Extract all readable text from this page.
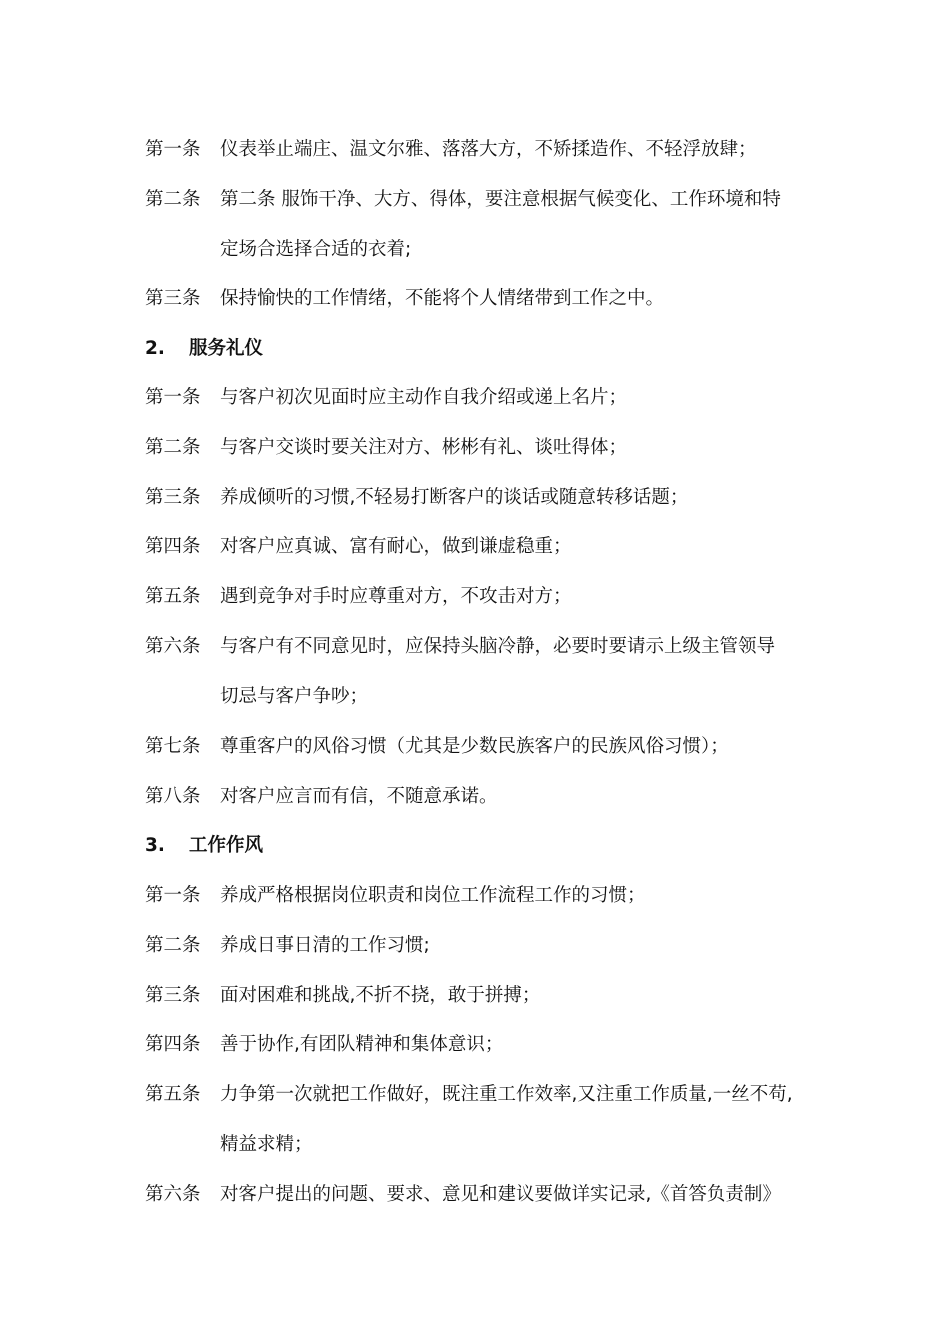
第一条 仪表举止端庄、温文尔雅、落落大方，不矫揉造作、不轻浮放肆；
第二条 第二条 服饰干净、大方、得体，要注意根据气候变化、工作环境和特
定场合选择合适的衣着;
第三条 保持愉快的工作情绪，不能将个人情绪带到工作之中。
2. 服务礼仪
第一条 与客户初次见面时应主动作自我介绍或递上名片；
第二条 与客户交谈时要关注对方、彬彬有礼、谈吐得体；
第三条 养成倾听的习惯,不轻易打断客户的谈话或随意转移话题；
第四条 对客户应真诚、富有耐心，做到谦虚稳重；
第五条 遇到竞争对手时应尊重对方，不攻击对方；
第六条 与客户有不同意见时，应保持头脑冷静，必要时要请示上级主管领导
切忌与客户争吵；
第七条 尊重客户的风俗习惯（尤其是少数民族客户的民族风俗习惯）；
第八条 对客户应言而有信，不随意承诺。
3. 工作作风
第一条 养成严格根据岗位职责和岗位工作流程工作的习惯；
第二条 养成日事日清的工作习惯;
第三条 面对困难和挑战,不折不挠，敢于拼搏；
第四条 善于协作,有团队精神和集体意识；
第五条 力争第一次就把工作做好，既注重工作效率,又注重工作质量,一丝不苟,
精益求精；
第六条 对客户提出的问题、要求、意见和建议要做详实记录,《首答负责制》
